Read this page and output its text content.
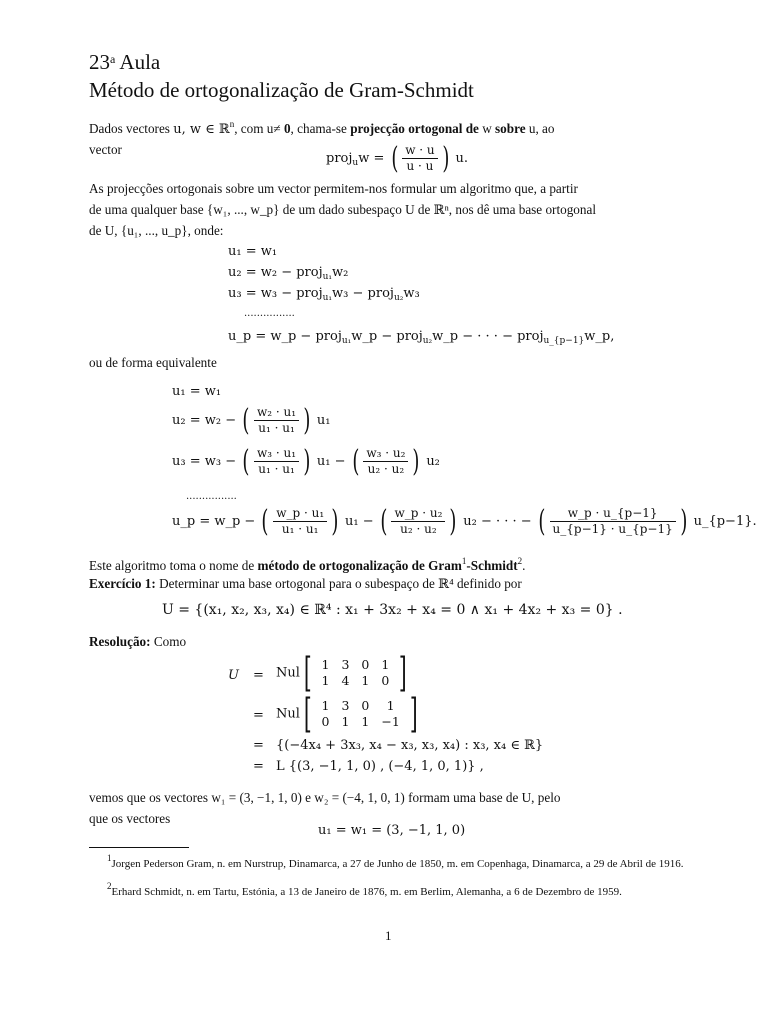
23$^a$ Aula
Método de ortogonalização de Gram-Schmidt
Dados vectores u, w ∈ ℝ$^n$, com u≠ 0, chama-se projecção ortogonal de w sobre u, ao
vector
proj$_u$w = ( $\frac{w \cdot u}{u \cdot u}$ ) u.
As projecções ortogonais sobre um vector permitem-nos formular um algoritmo que, a partir
de uma qualquer base {w₁, ..., w_p} de um dado subespaço U de ℝⁿ, nos dê uma base ortogonal
de U, {u₁, ..., u_p}, onde:
u₁ = w₁
u₂ = w₂ − proj$_{u_1}$w₂
u₃ = w₃ − proj$_{u_1}$w₃ − proj$_{u_2}$w₃
................
u_p = w_p − proj$_{u_1}$w_p − proj$_{u_2}$w_p − · · · − proj$_{u\_\{p-1\}}$w_p,
ou de forma equivalente
u₁ = w₁
u₂ = w₂ − ( $\frac{\text{w₂ · u₁}}{\text{u₁ · u₁}}$ ) u₁
u₃ = w₃ − ( $\frac{\text{w₃ · u₁}}{\text{u₁ · u₁}}$ ) u₁ − ( $\frac{\text{w₃ · u₂}}{\text{u₂ · u₂}}$ ) u₂
................
u_p = w_p − ( $\frac{\text{w\_p · u₁}}{\text{u₁ · u₁}}$ ) u₁ − ( $\frac{\text{w\_p · u₂}}{\text{u₂ · u₂}}$ ) u₂ − · · · − ( $\frac{w\_p \cdot u\_\{p-1\}}{u\_\{p-1\} \cdot u\_\{p-1\}}$ ) u_{p−1}.
Este algoritmo toma o nome de método de ortogonalização de Gram$^1$-Schmidt$^2$.
Exercício 1: Determinar uma base ortogonal para o subespaço de ℝ⁴ definido por
U = {(x₁, x₂, x₃, x₄) ∈ ℝ⁴ : x₁ + 3x₂ + x₄ = 0 ∧ x₁ + 4x₂ + x₃ = 0} .
Resolução: Como
U = Nul[ 1	3	0	1
1	4	1	0 ]
= Nul[ 1	3	0	1
0	1	1	−1 ]
= {(−4x₄ + 3x₃, x₄ − x₃, x₃, x₄) : x₃, x₄ ∈ ℝ}
= L {(3, −1, 1, 0) , (−4, 1, 0, 1)} ,
vemos que os vectores w₁ = (3, −1, 1, 0) e w₂ = (−4, 1, 0, 1) formam uma base de U, pelo
que os vectores
u₁ = w₁ = (3, −1, 1, 0)
$^1$Jorgen Pederson Gram, n. em Nurstrup, Dinamarca, a 27 de Junho de 1850, m. em Copenhaga, Dinamarca, a 29 de Abril de 1916.
$^2$Erhard Schmidt, n. em Tartu, Estónia, a 13 de Janeiro de 1876, m. em Berlim, Alemanha, a 6 de Dezembro de 1959.
1
